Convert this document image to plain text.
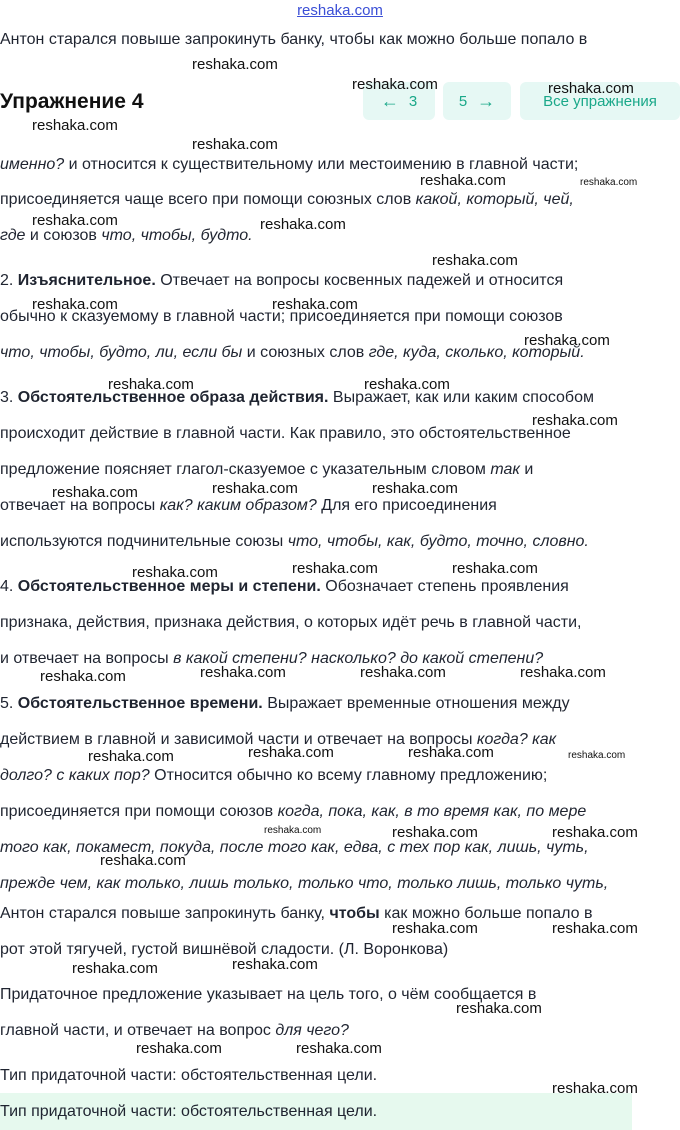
reshaka.com
Антон старался повыше запрокинуть банку, чтобы как можно больше попало в
Упражнение 4	← 3	5 →	Все упражнения
именно? и относится к существительному или местоимению в главной части;
присоединяется чаще всего при помощи союзных слов какой, который, чей,
где и союзов что, чтобы, будто.
2. Изъяснительное. Отвечает на вопросы косвенных падежей и относится
обычно к сказуемому в главной части; присоединяется при помощи союзов
что, чтобы, будто, ли, если бы и союзных слов где, куда, сколько, который.
3. Обстоятельственное образа действия. Выражает, как или каким способом
происходит действие в главной части. Как правило, это обстоятельственное
предложение поясняет глагол-сказуемое с указательным словом так и
отвечает на вопросы как? каким образом? Для его присоединения
используются подчинительные союзы что, чтобы, как, будто, точно, словно.
4. Обстоятельственное меры и степени. Обозначает степень проявления
признака, действия, признака действия, о которых идёт речь в главной части,
и отвечает на вопросы в какой степени? насколько? до какой степени?
5. Обстоятельственное времени. Выражает временные отношения между
действием в главной и зависимой части и отвечает на вопросы когда? как
долго? с каких пор? Относится обычно ко всему главному предложению;
присоединяется при помощи союзов когда, пока, как, в то время как, по мере
того как, покамест, покуда, после того как, едва, с тех пор как, лишь, чуть,
прежде чем, как только, лишь только, только что, только лишь, только чуть,
Антон старался повыше запрокинуть банку, чтобы как можно больше попало в
рот этой тягучей, густой вишнёвой сладости. (Л. Воронкова)
Придаточное предложение указывает на цель того, о чём сообщается в
главной части, и отвечает на вопрос для чего?
Тип придаточной части: обстоятельственная цели.
Тип придаточной части: обстоятельственная цели.
reshaka.com
reshaka.com	reshaka.com
reshaka.com
reshaka.com
reshaka.com	reshaka.com
reshaka.com	reshaka.com
reshaka.com
reshaka.com	reshaka.com
reshaka.com
reshaka.com	reshaka.com
reshaka.com
reshaka.com	reshaka.com	reshaka.com
reshaka.com	reshaka.com	reshaka.com
reshaka.com	reshaka.com	reshaka.com	reshaka.com
reshaka.com	reshaka.com	reshaka.com	reshaka.com
reshaka.com	reshaka.com	reshaka.com
reshaka.com
reshaka.com	reshaka.com
reshaka.com	reshaka.com
reshaka.com
reshaka.com	reshaka.com
reshaka.com
